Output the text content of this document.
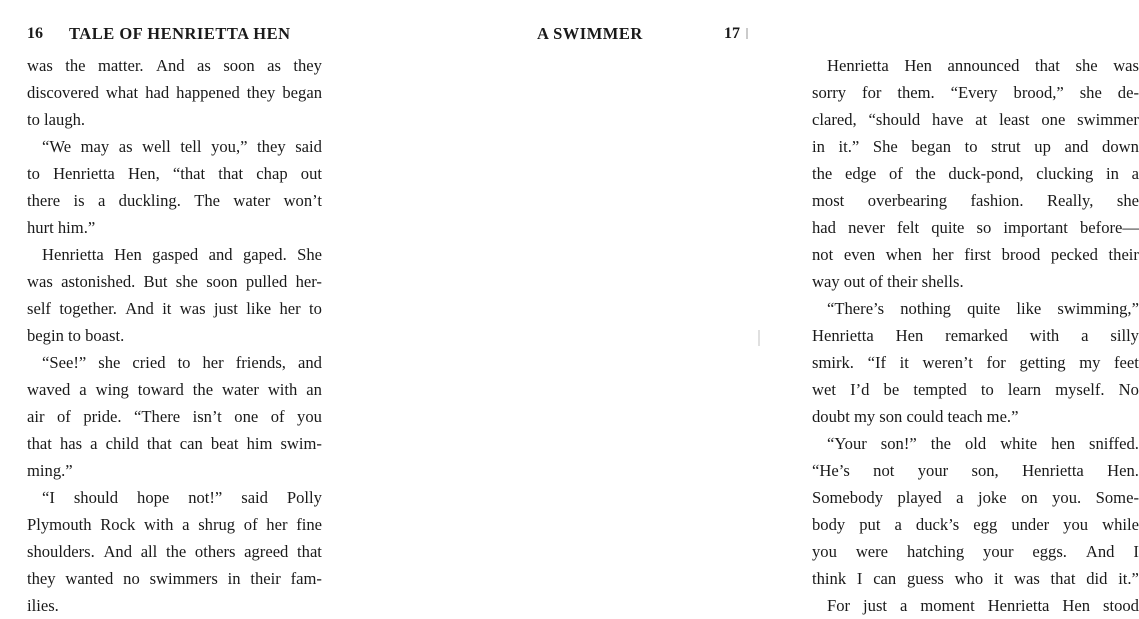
16 TALE OF HENRIETTA HEN
was the matter. And as soon as they
discovered what had happened they began
to laugh.
“We may as well tell you,” they said
to Henrietta Hen, “that that chap out
there is a duckling. The water won’t
hurt him.”
Henrietta Hen gasped and gaped. She
was astonished. But she soon pulled her-
self together. And it was just like her to
begin to boast.
“See!” she cried to her friends, and
waved a wing toward the water with an
air of pride. “There isn’t one of you
that has a child that can beat him swim-
ming.”
“I should hope not!” said Polly
Plymouth Rock with a shrug of her fine
shoulders. And all the others agreed that
they wanted no swimmers in their fam-
ilies.
A SWIMMER	17
Henrietta Hen announced that she was
sorry for them. “Every brood,” she de-
clared, “should have at least one swimmer
in it.” She began to strut up and down
the edge of the duck-pond, clucking in a
most overbearing fashion. Really, she
had never felt quite so important before—
not even when her first brood pecked their
way out of their shells.
“There’s nothing quite like swimming,”
Henrietta Hen remarked with a silly
smirk. “If it weren’t for getting my feet
wet I’d be tempted to learn myself. No
doubt my son could teach me.”
“Your son!” the old white hen sniffed.
“He’s not your son, Henrietta Hen.
Somebody played a joke on you. Some-
body put a duck’s egg under you while
you were hatching your eggs. And I
think I can guess who it was that did it.”
For just a moment Henrietta Hen stood
